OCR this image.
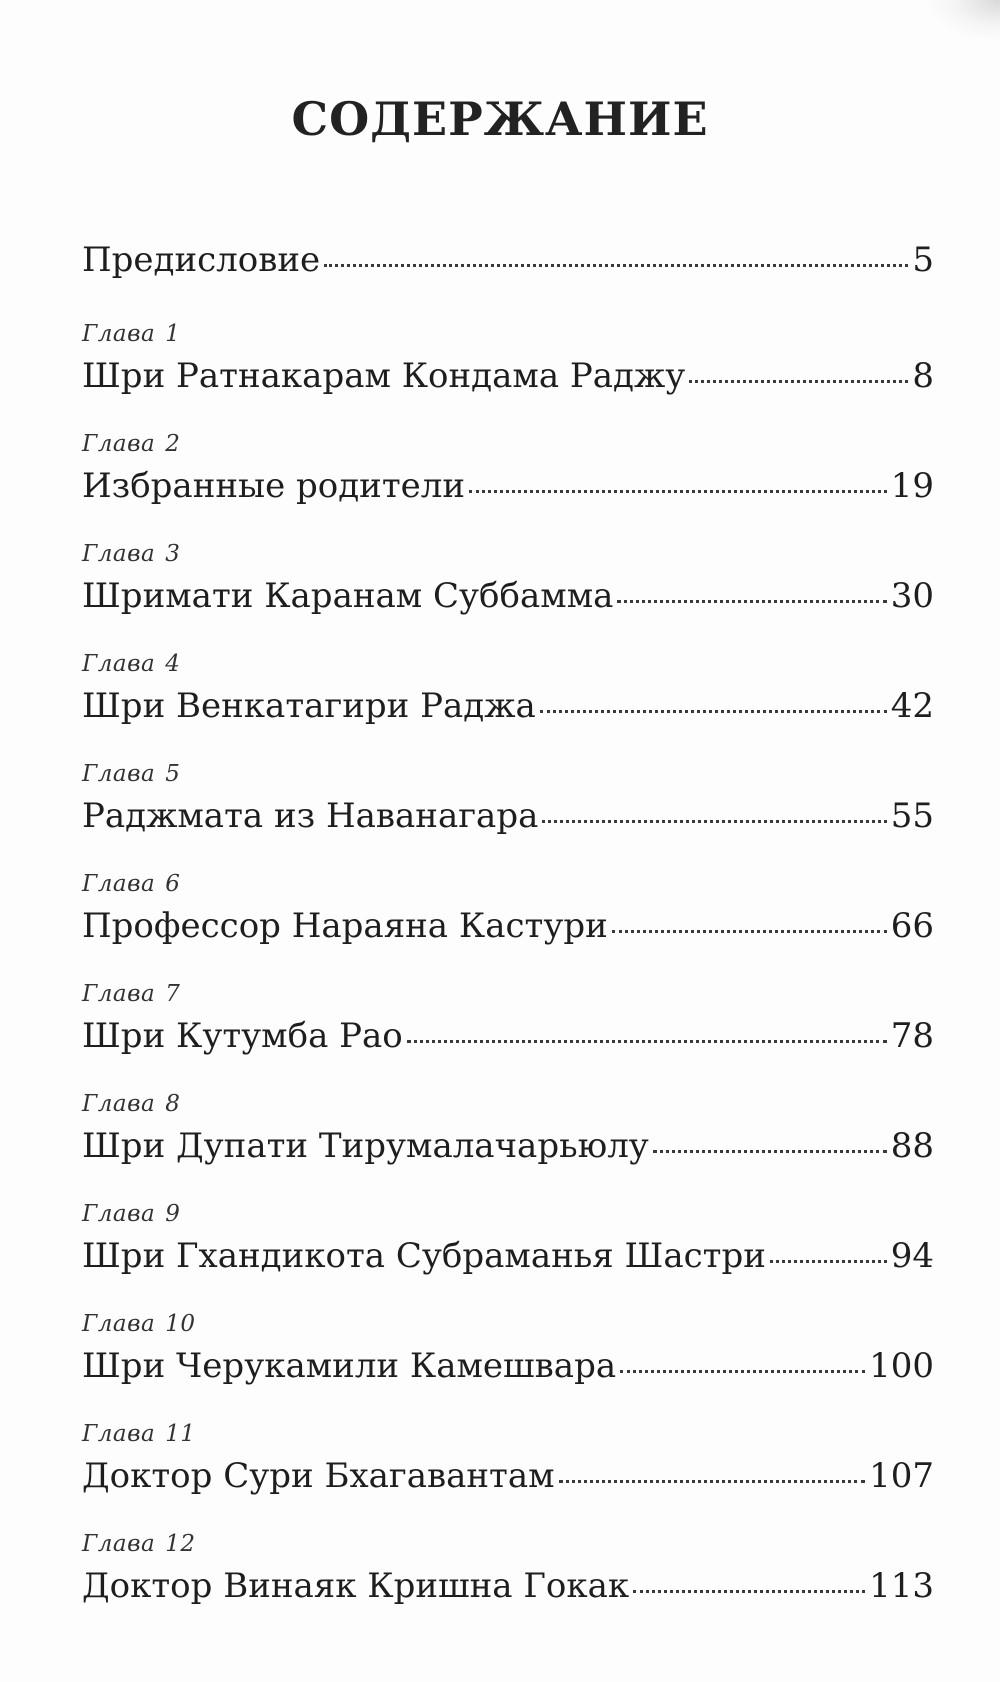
СОДЕРЖАНИЕ
Предисловие	5
Глава 1
Шри Ратнакарам Кондама Раджу	8
Глава 2
Избранные родители	19
Глава 3
Шримати Каранам Суббамма	30
Глава 4
Шри Венкатагири Раджа	42
Глава 5
Раджмата из Наванагара	55
Глава 6
Профессор Нараяна Кастури	66
Глава 7
Шри Кутумба Рао	78
Глава 8
Шри Дупати Тирумалачарьюлу	88
Глава 9
Шри Гхандикота Субраманья Шастри	94
Глава 10
Шри Черукамили Камешвара	100
Глава 11
Доктор Сури Бхагавантам	107
Глава 12
Доктор Винаяк Кришна Гокак	113
